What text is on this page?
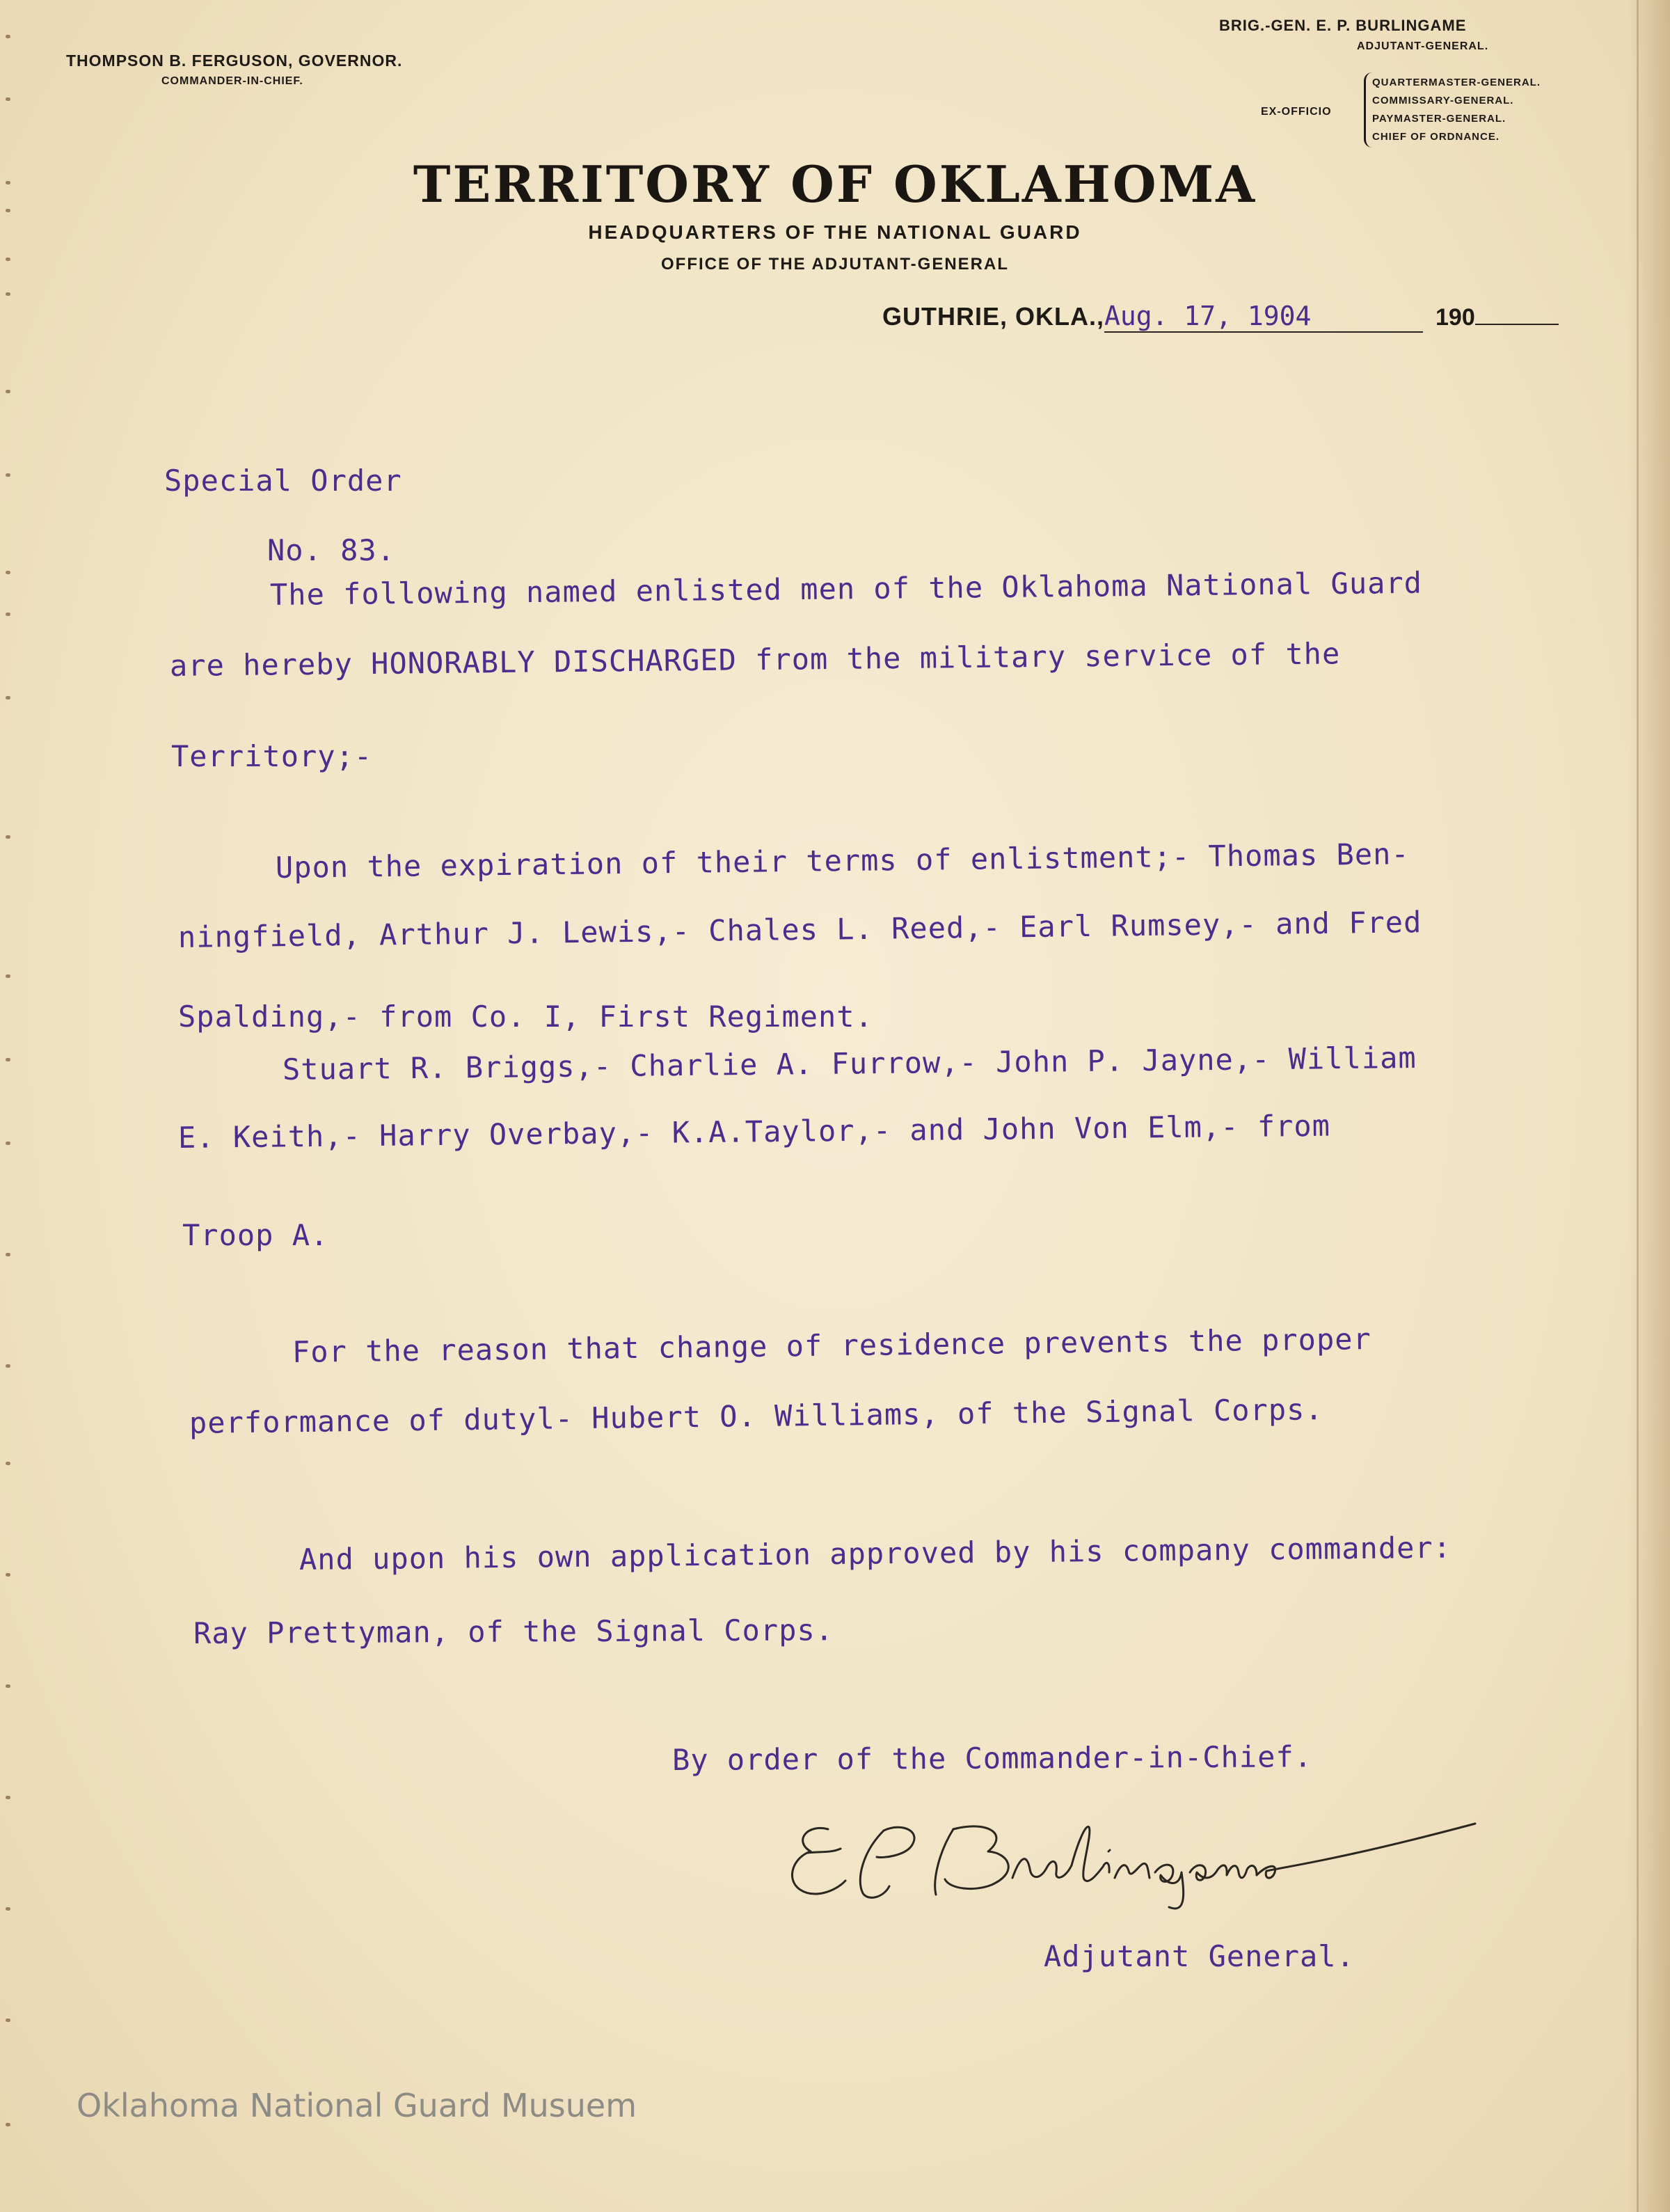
THOMPSON B. FERGUSON, GOVERNOR.
COMMANDER-IN-CHIEF.
BRIG.-GEN. E. P. BURLINGAME
ADJUTANT-GENERAL.
EX-OFFICIO
QUARTERMASTER-GENERAL.
COMMISSARY-GENERAL.
PAYMASTER-GENERAL.
CHIEF OF ORDNANCE.
TERRITORY OF OKLAHOMA
HEADQUARTERS OF THE NATIONAL GUARD
OFFICE OF THE ADJUTANT-GENERAL
GUTHRIE, OKLA.,Aug. 17, 1904	190

Special Order

No. 83.

The following named enlisted men of the Oklahoma National Guard

are hereby HONORABLY DISCHARGED from the military service of the

Territory;-

Upon the expiration of their terms of enlistment;- Thomas Ben-

ningfield, Arthur J. Lewis,- Chales L. Reed,- Earl Rumsey,- and Fred

Spalding,- from Co. I, First Regiment.

Stuart R. Briggs,- Charlie A. Furrow,- John P. Jayne,- William

E. Keith,- Harry Overbay,- K.A.Taylor,- and John Von Elm,- from

Troop A.

For the reason that change of residence prevents the proper

performance of dutyl- Hubert O. Williams, of the Signal Corps.

And upon his own application approved by his company commander:

Ray Prettyman, of the Signal Corps.

By order of the Commander-in-Chief.

Adjutant General.

Oklahoma National Guard Musuem
